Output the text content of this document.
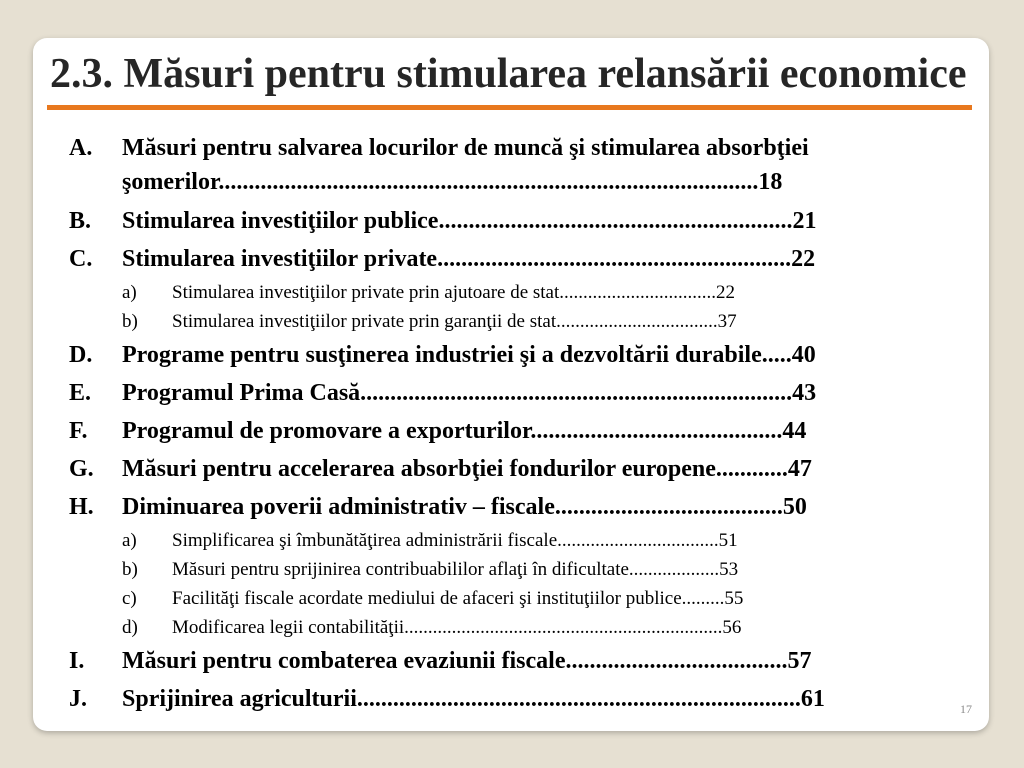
2.3. Măsuri pentru stimularea relansării economice
A. Măsuri pentru salvarea locurilor de muncă şi stimularea absorbţiei
şomerilor..........................................................................................18
B. Stimularea investiţiilor publice...........................................................21
C. Stimularea investiţiilor private...........................................................22
a) Stimularea investiţiilor private prin ajutoare de stat.................................22
b) Stimularea investiţiilor private prin garanţii de stat..................................37
D. Programe pentru susţinerea industriei şi a dezvoltării durabile.....40
E. Programul Prima Casă........................................................................43
F. Programul de promovare a exporturilor..........................................44
G. Măsuri pentru accelerarea absorbţiei fondurilor europene............47
H. Diminuarea poverii administrativ – fiscale......................................50
a) Simplificarea şi îmbunătăţirea administrării fiscale..................................51
b) Măsuri pentru sprijinirea contribuabililor aflaţi în dificultate...................53
c) Facilităţi fiscale acordate mediului de afaceri şi instituţiilor publice.........55
d) Modificarea legii contabilităţii...................................................................56
I. Măsuri pentru combaterea evaziunii fiscale.....................................57
J. Sprijinirea agriculturii..........................................................................61	17
